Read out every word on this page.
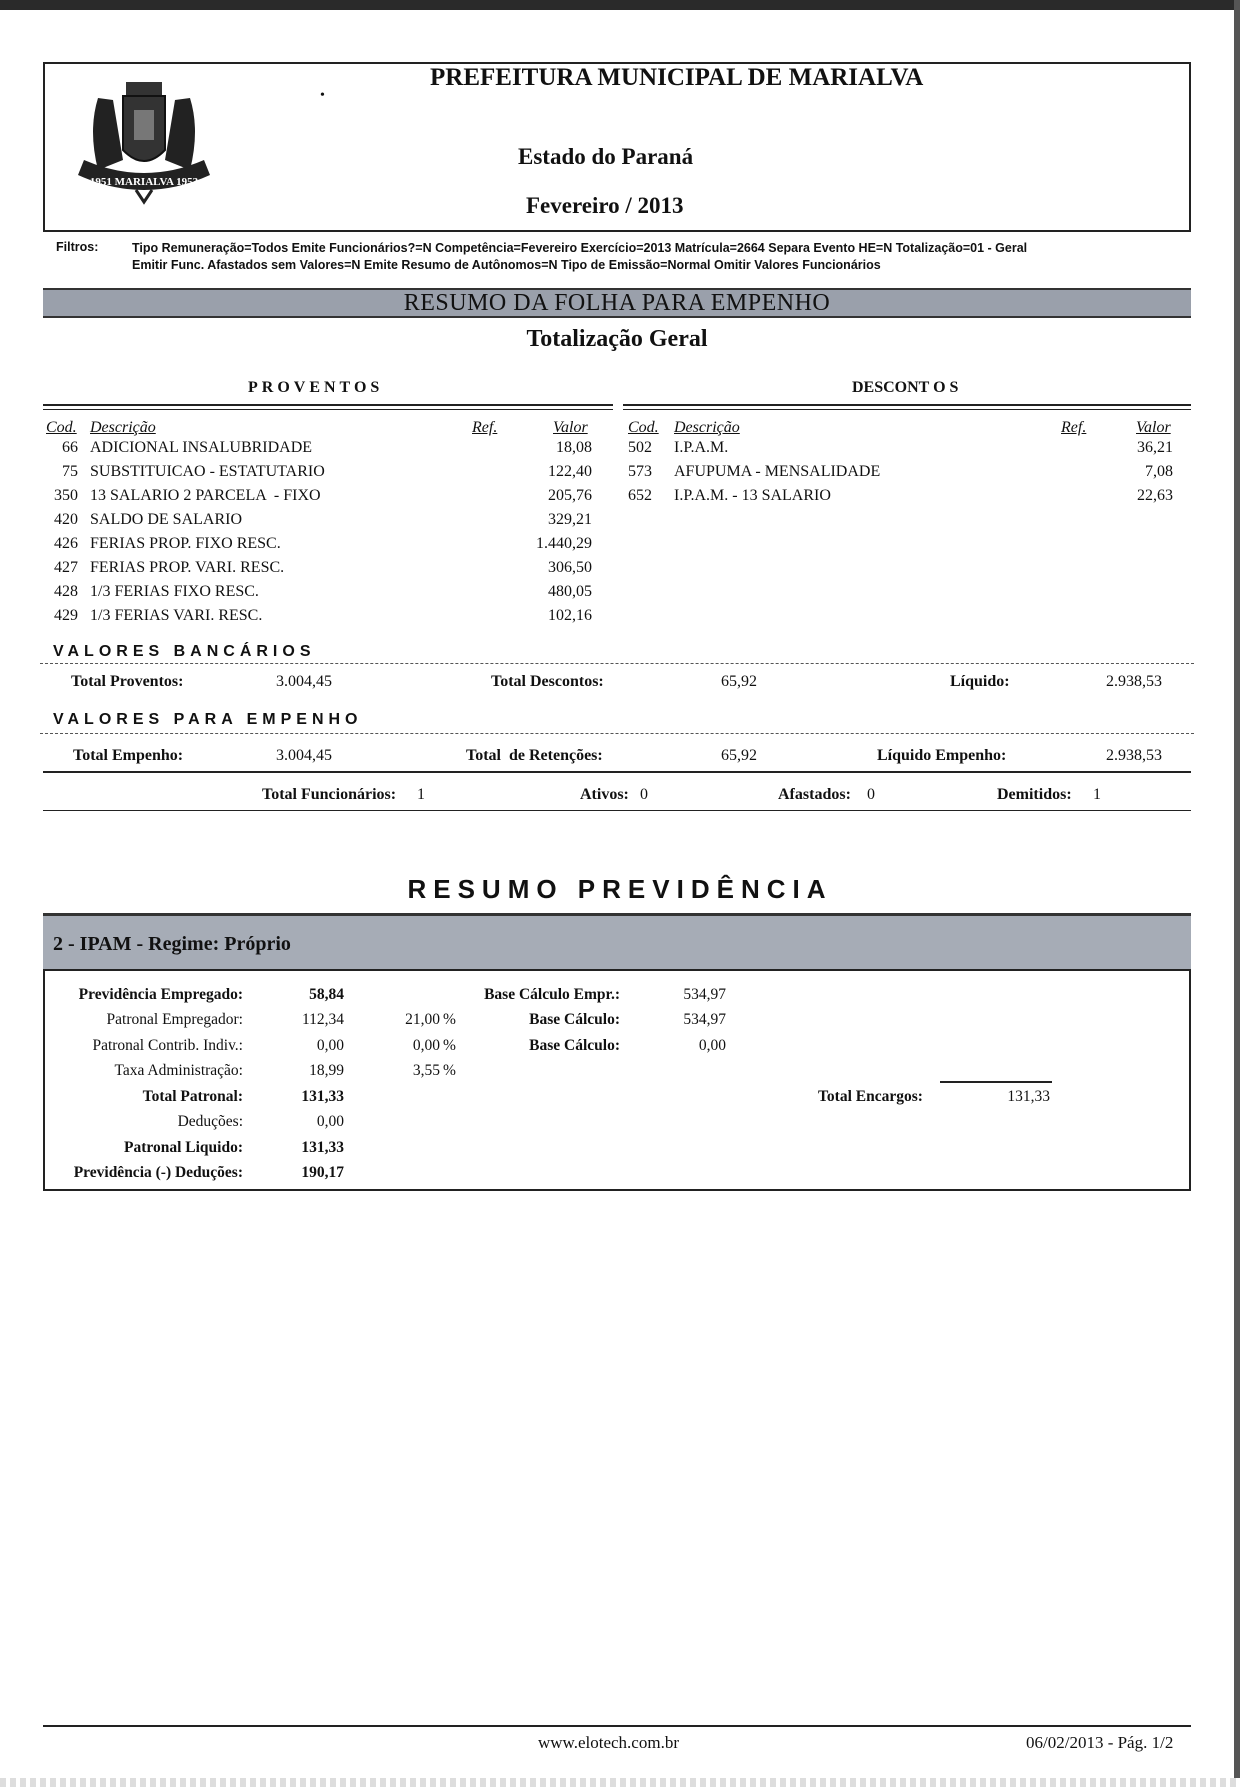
1951 MARIALVA 1953
•
PREFEITURA MUNICIPAL DE MARIALVA
Estado do Paraná
Fevereiro / 2013
Filtros:	Tipo Remuneração=Todos Emite Funcionários?=N Competência=Fevereiro Exercício=2013 Matrícula=2664 Separa Evento HE=N Totalização=01 - Geral
Emitir Func. Afastados sem Valores=N Emite Resumo de Autônomos=N Tipo de Emissão=Normal Omitir Valores Funcionários
RESUMO DA FOLHA PARA EMPENHO
Totalização Geral
PROVENTOS
Cod. Descrição	Ref.	Valor
66 ADICIONAL INSALUBRIDADE	18,08
75 SUBSTITUICAO - ESTATUTARIO	122,40
350 13 SALARIO 2 PARCELA  - FIXO	205,76
420 SALDO DE SALARIO	329,21
426 FERIAS PROP. FIXO RESC.	1.440,29
427 FERIAS PROP. VARI. RESC.	306,50
428 1/3 FERIAS FIXO RESC.	480,05
429 1/3 FERIAS VARI. RESC.	102,16
DESCONT O S
Cod. Descrição	Ref.	Valor
502 I.P.A.M.	36,21
573 AFUPUMA - MENSALIDADE	7,08
652 I.P.A.M. - 13 SALARIO	22,63
VALORES BANCÁRIOS
Total Proventos:	3.004,45	Total Descontos:	65,92	Líquido:	2.938,53
VALORES PARA EMPENHO
Total Empenho:	3.004,45	Total  de Retenções:	65,92	Líquido Empenho:	2.938,53
Total Funcionários: 1	Ativos: 0	Afastados: 0	Demitidos: 1
RESUMO PREVIDÊNCIA
2 - IPAM - Regime: Próprio
Previdência Empregado:	58,84	Base Cálculo Empr.:	534,97
Patronal Empregador:	112,34	21,00 %	Base Cálculo:	534,97
Patronal Contrib. Indiv.:	0,00	0,00 %	Base Cálculo:	0,00
Taxa Administração:	18,99	3,55 %
Total Patronal:	131,33
Deduções:	0,00
Patronal Liquido:	131,33
Previdência (-) Deduções:	190,17
Total Encargos:	131,33
www.elotech.com.br	06/02/2013 - Pág. 1/2
